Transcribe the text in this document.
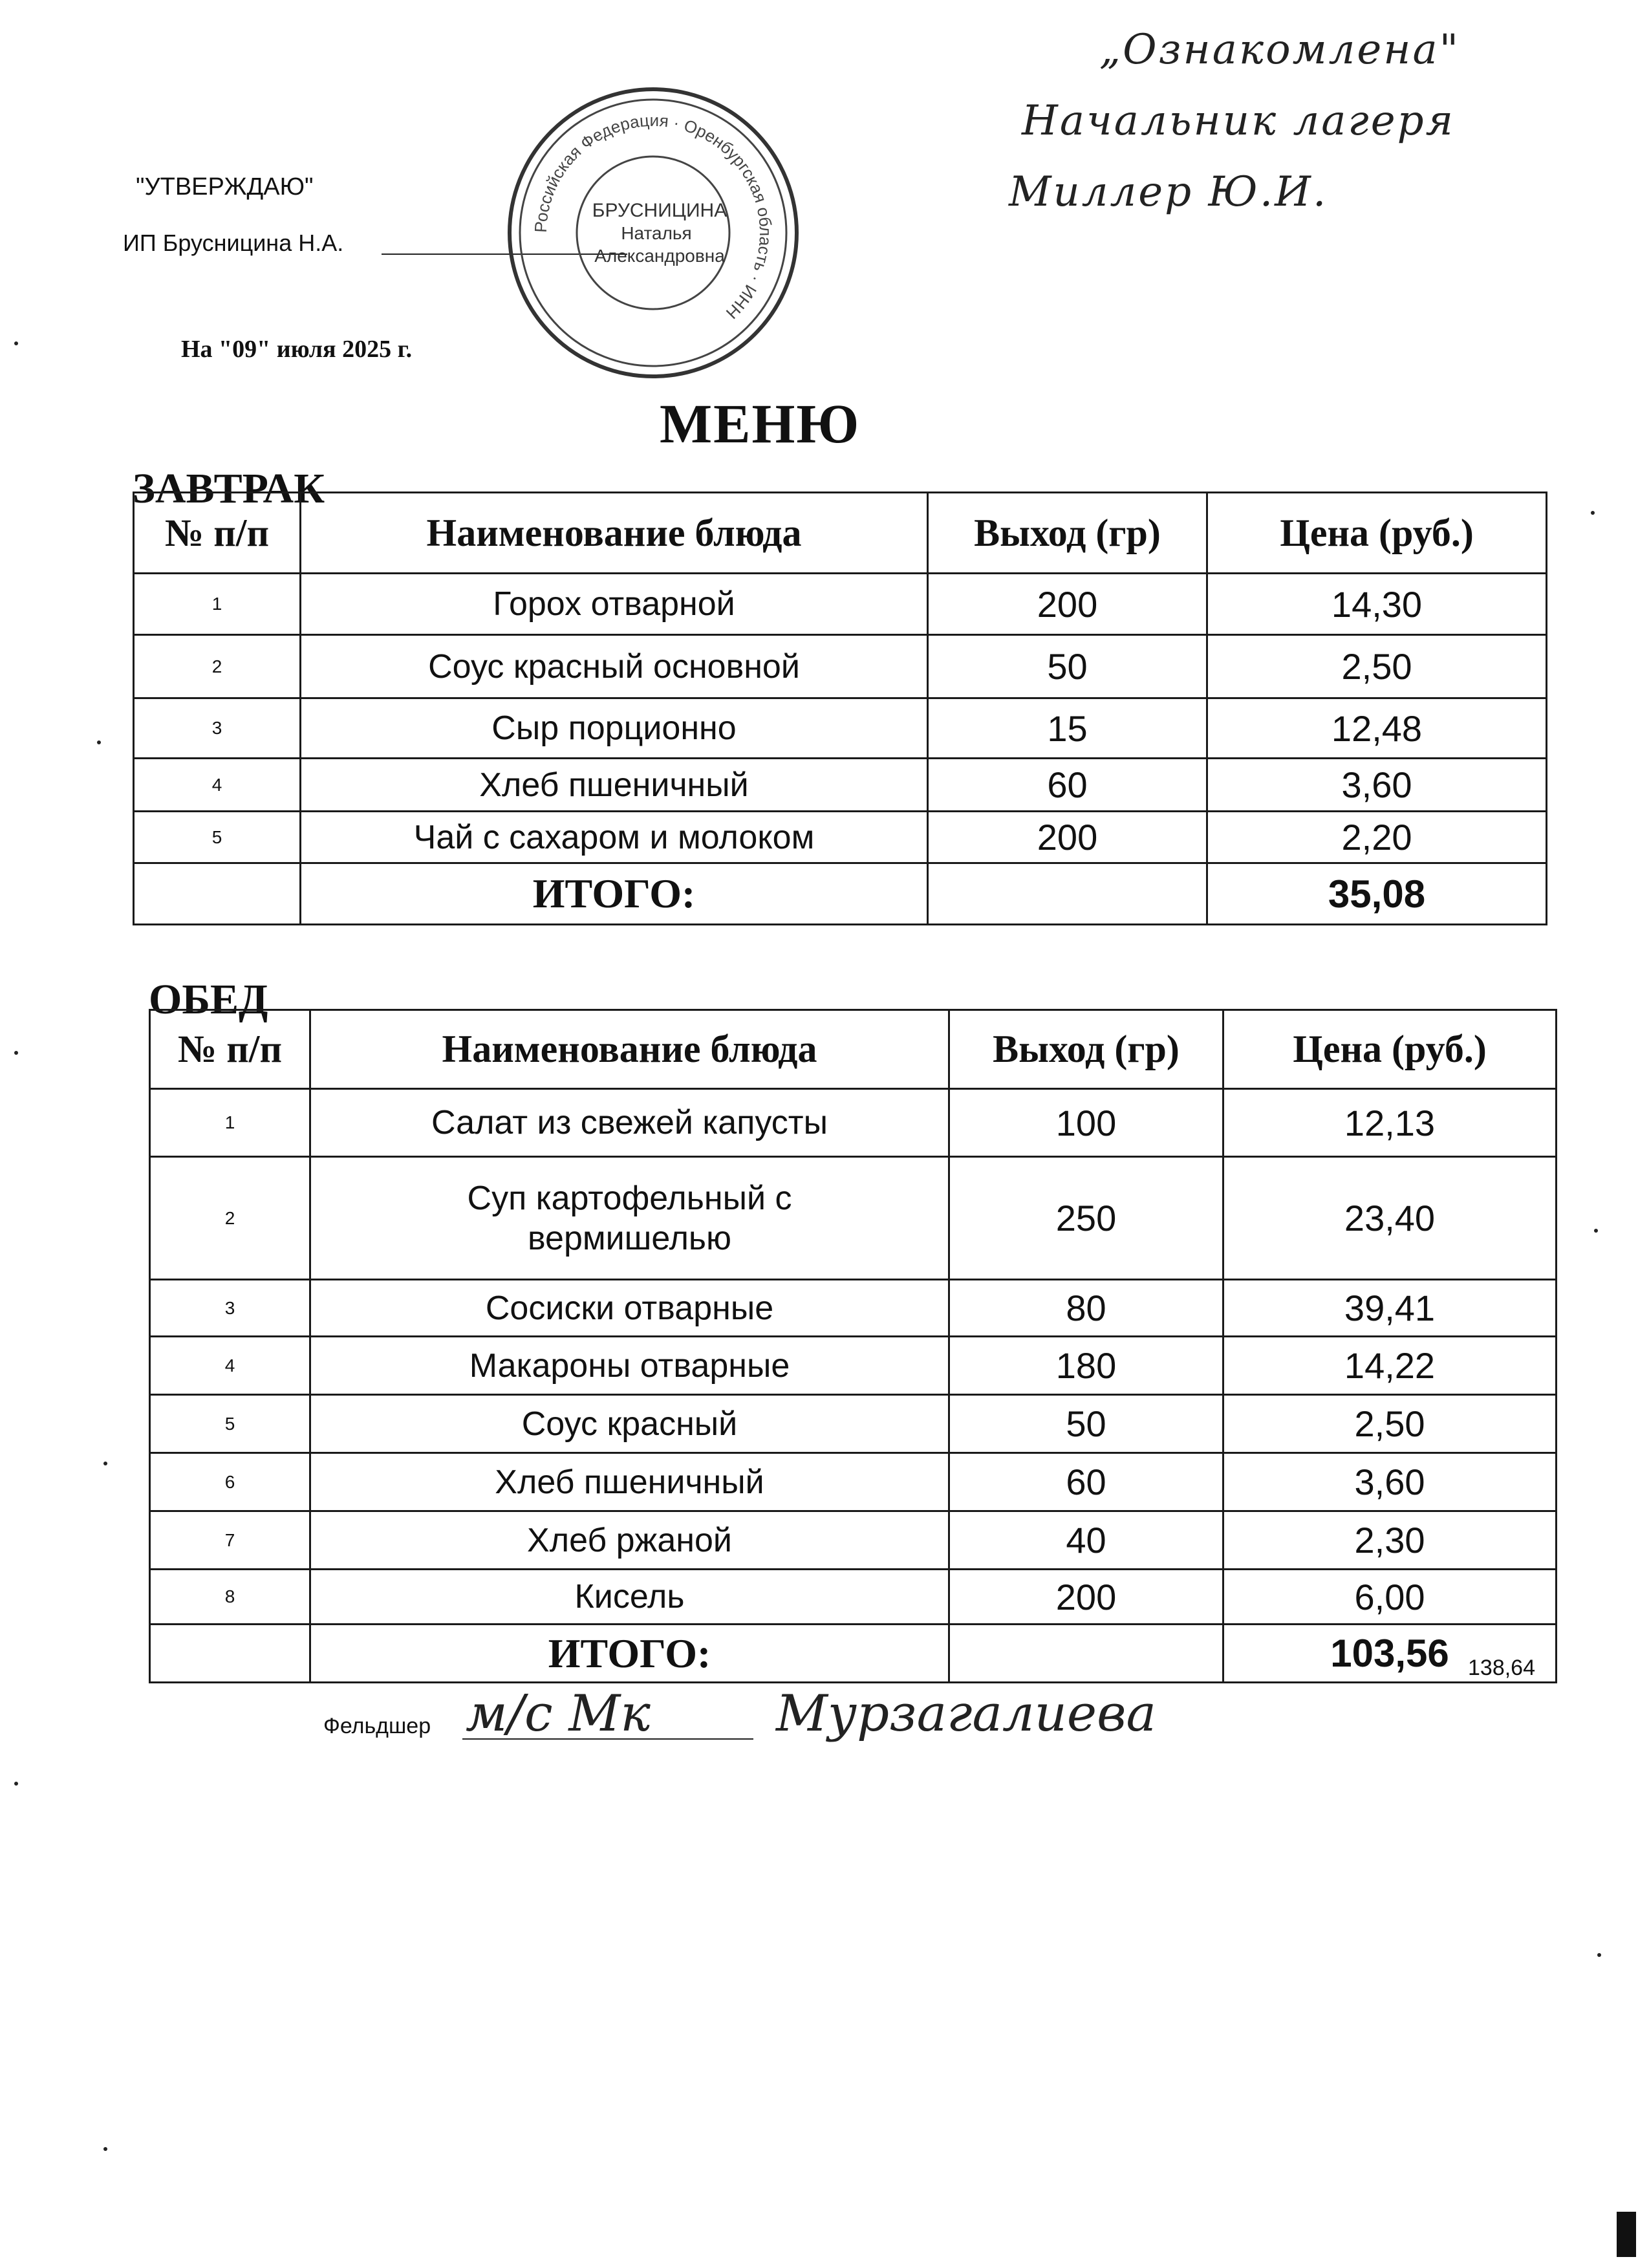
"УТВЕРЖДАЮ"
ИП Брусницина Н.А.
На "09" июля 2025 г.
Российская Федерация · Оренбургская область · ИНН
БРУСНИЦИНА
Наталья
Александровна
„Ознакомлена"
Начальник лагеря
Миллер Ю.И.
МЕНЮ
ЗАВТРАК
№ п/п	Наименование блюда	Выход (гр)	Цена (руб.)
1	Горох отварной	200	14,30
2	Соус красный основной	50	2,50
3	Сыр порционно	15	12,48
4	Хлеб пшеничный	60	3,60
5	Чай с сахаром и молоком	200	2,20
	ИТОГО:		35,08
ОБЕД
№ п/п	Наименование блюда	Выход (гр)	Цена (руб.)
1	Салат из свежей капусты	100	12,13
2	Суп картофельный с вермишелью	250	23,40
3	Сосиски отварные	80	39,41
4	Макароны отварные	180	14,22
5	Соус красный	50	2,50
6	Хлеб пшеничный	60	3,60
7	Хлеб ржаной	40	2,30
8	Кисель	200	6,00
	ИТОГО:		103,56 138,64
Фельдшер м/с Мк Мурзагалиева
